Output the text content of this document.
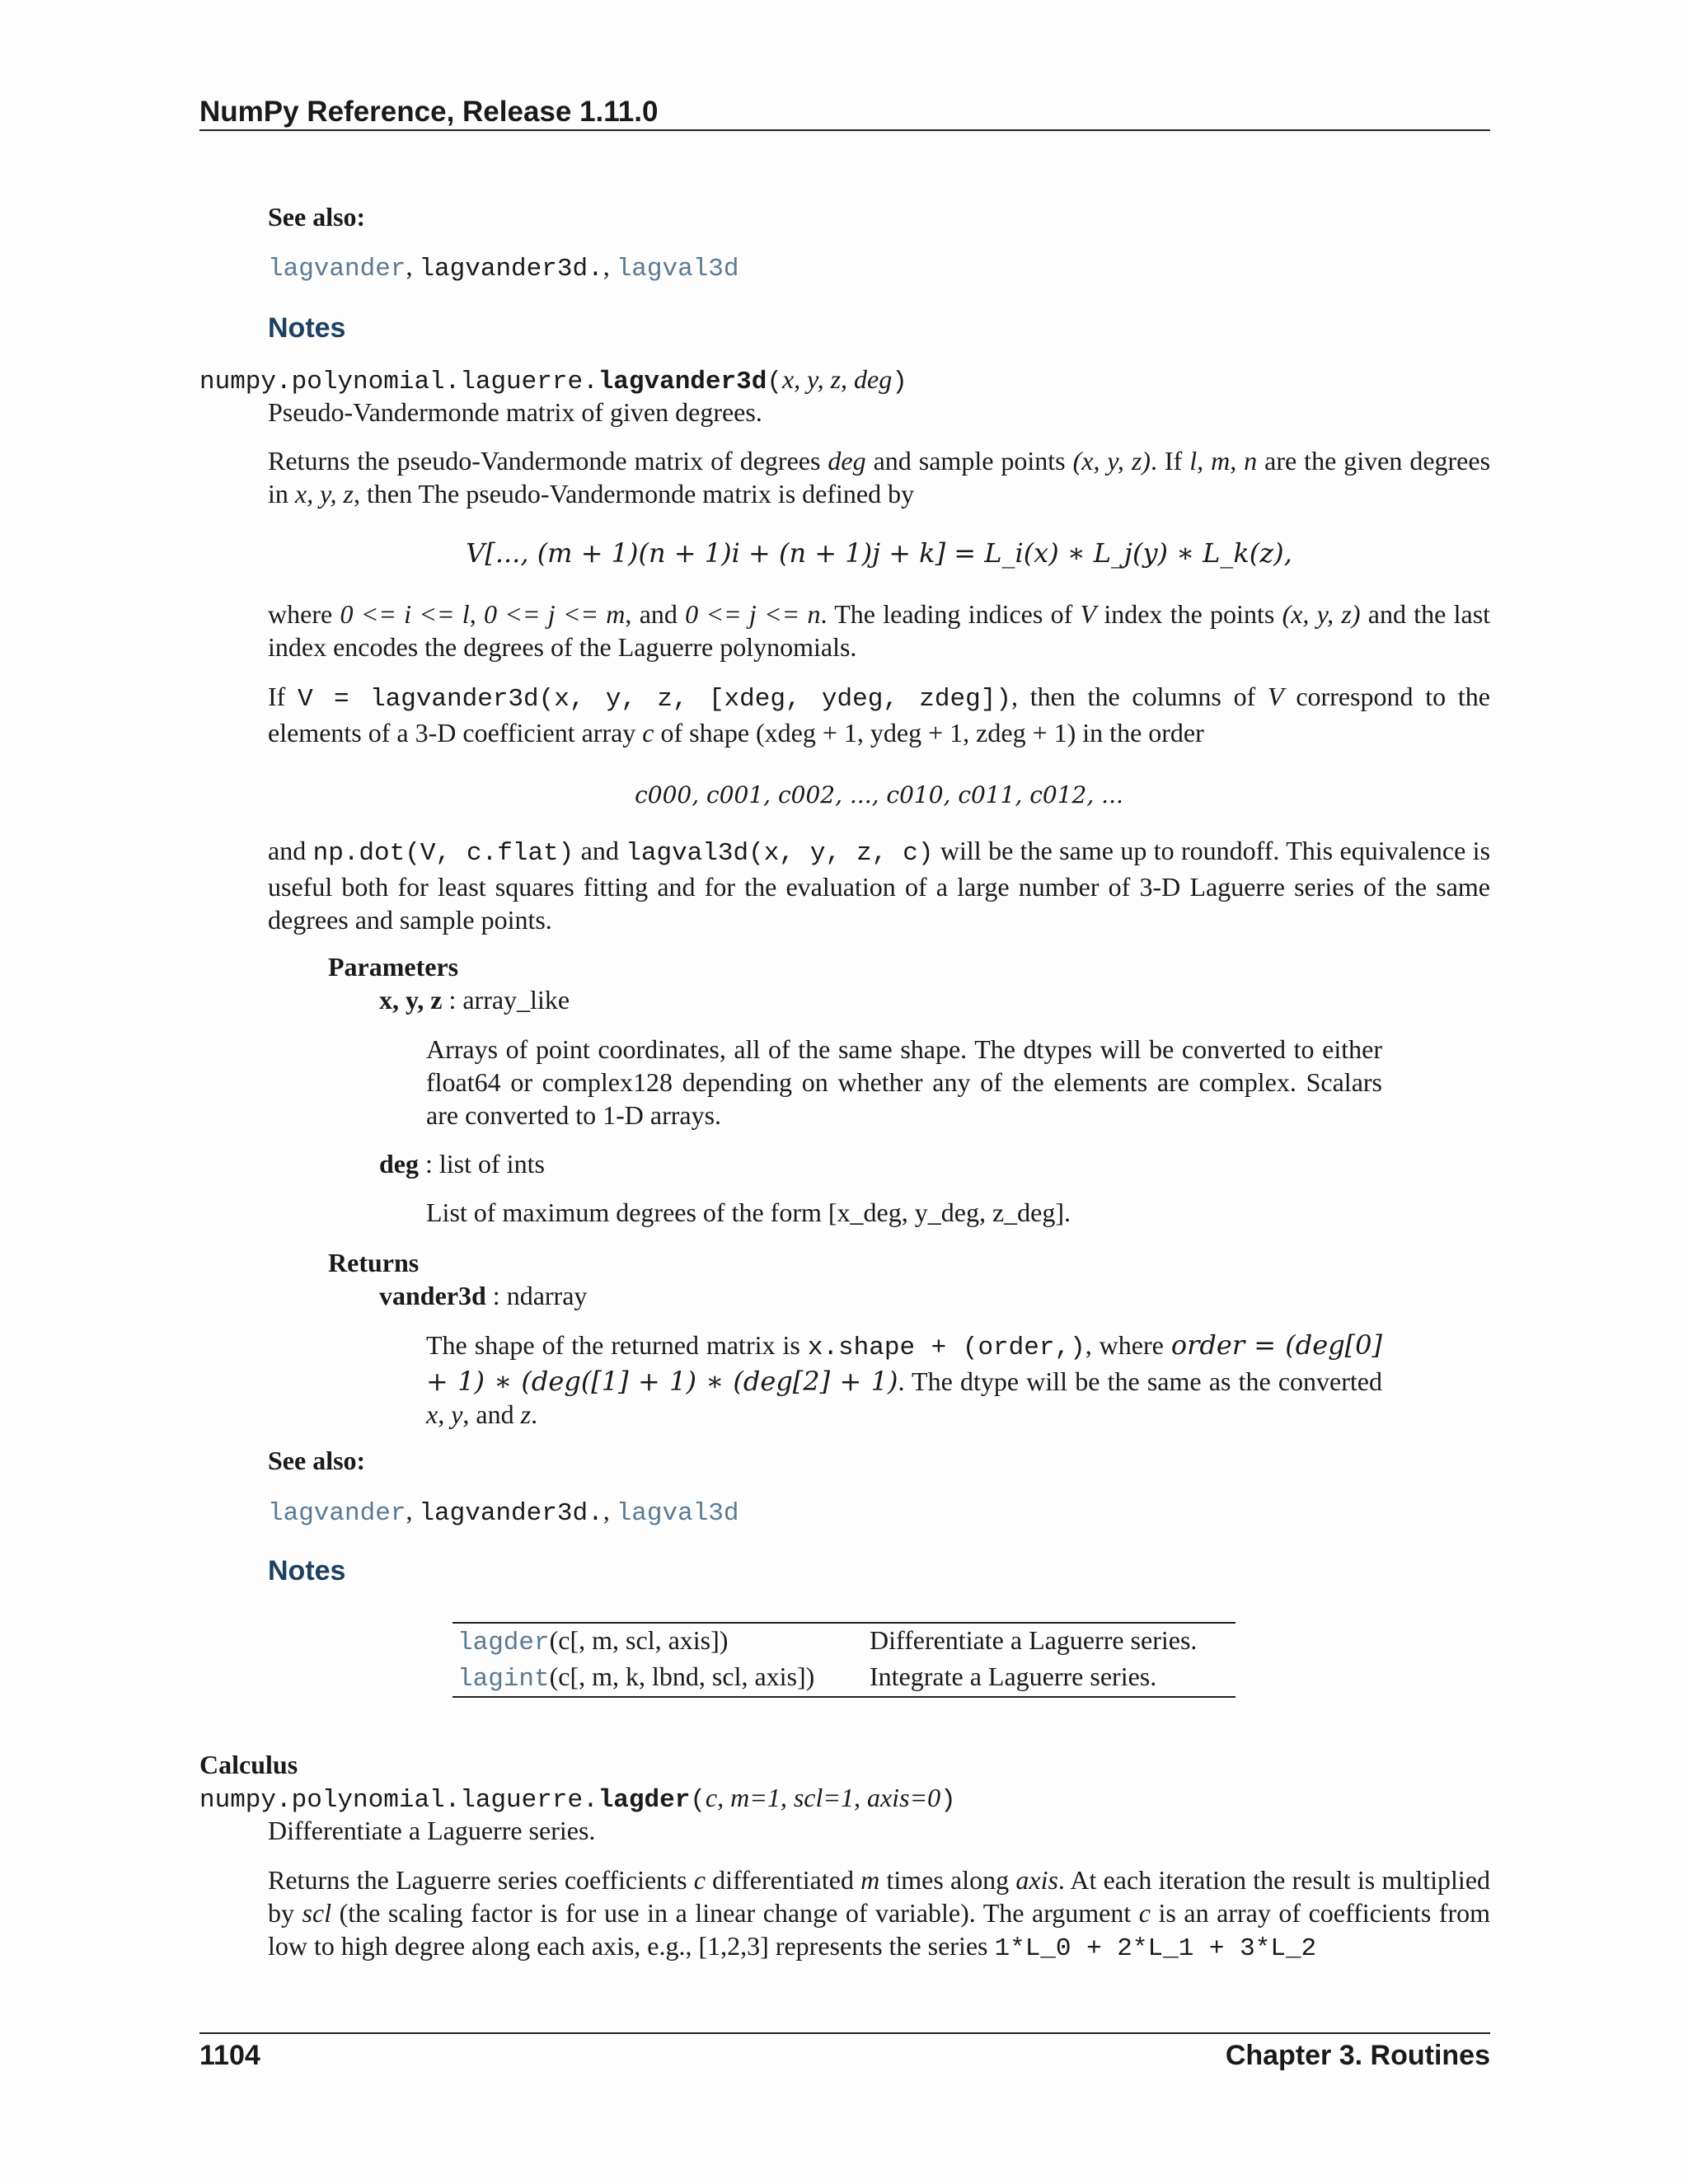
NumPy Reference, Release 1.11.0
See also:
lagvander, lagvander3d., lagval3d
Notes
numpy.polynomial.laguerre.lagvander3d(x, y, z, deg)
Pseudo-Vandermonde matrix of given degrees.
Returns the pseudo-Vandermonde matrix of degrees deg and sample points (x, y, z). If l, m, n are the given degrees in x, y, z, then The pseudo-Vandermonde matrix is defined by
V[..., (m + 1)(n + 1)i + (n + 1)j + k] = L_i(x) ∗ L_j(y) ∗ L_k(z),
where 0 <= i <= l, 0 <= j <= m, and 0 <= j <= n. The leading indices of V index the points (x, y, z) and the last index encodes the degrees of the Laguerre polynomials.
If V = lagvander3d(x, y, z, [xdeg, ydeg, zdeg]), then the columns of V correspond to the elements of a 3-D coefficient array c of shape (xdeg + 1, ydeg + 1, zdeg + 1) in the order
c000, c001, c002, ..., c010, c011, c012, ...
and np.dot(V, c.flat) and lagval3d(x, y, z, c) will be the same up to roundoff. This equivalence is useful both for least squares fitting and for the evaluation of a large number of 3-D Laguerre series of the same degrees and sample points.
Parameters
x, y, z : array_like
Arrays of point coordinates, all of the same shape. The dtypes will be converted to either float64 or complex128 depending on whether any of the elements are complex. Scalars are converted to 1-D arrays.
deg : list of ints
List of maximum degrees of the form [x_deg, y_deg, z_deg].
Returns
vander3d : ndarray
The shape of the returned matrix is x.shape + (order,), where order = (deg[0] + 1) ∗ (deg([1] + 1) ∗ (deg[2] + 1). The dtype will be the same as the converted x, y, and z.
See also:
lagvander, lagvander3d., lagval3d
Notes
lagder(c[, m, scl, axis])	Differentiate a Laguerre series.
lagint(c[, m, k, lbnd, scl, axis])	Integrate a Laguerre series.
Calculus
numpy.polynomial.laguerre.lagder(c, m=1, scl=1, axis=0)
Differentiate a Laguerre series.
Returns the Laguerre series coefficients c differentiated m times along axis. At each iteration the result is multiplied by scl (the scaling factor is for use in a linear change of variable). The argument c is an array of coefficients from low to high degree along each axis, e.g., [1,2,3] represents the series 1*L_0 + 2*L_1 + 3*L_2
1104	Chapter 3. Routines
